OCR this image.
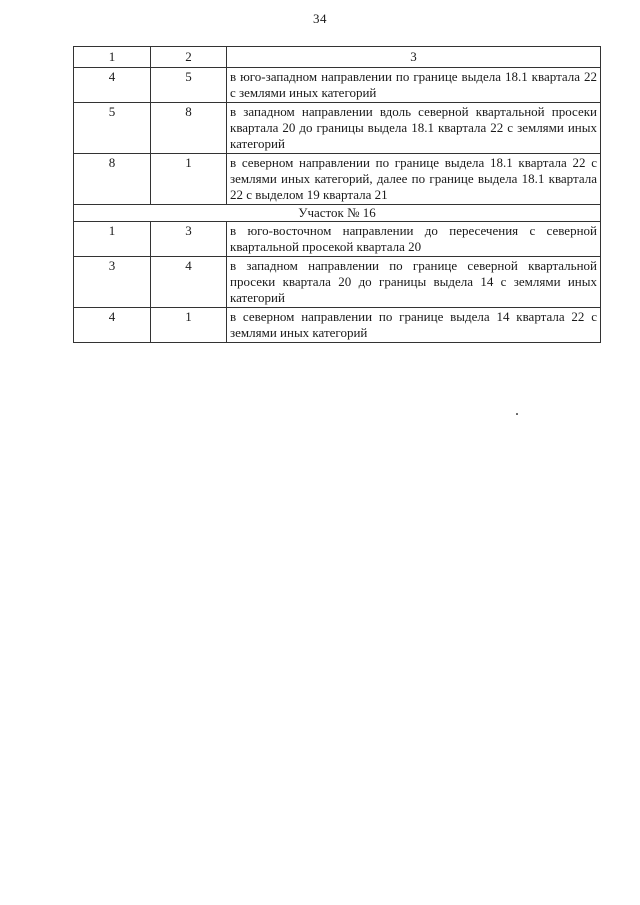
34
1	2	3
4	5	в юго-западном направлении по границе выдела 18.1 квартала 22 с землями иных категорий
5	8	в западном направлении вдоль северной квартальной просеки квартала 20 до границы выдела 18.1 квартала 22 с землями иных категорий
8	1	в северном направлении по границе выдела 18.1 квартала 22 с землями иных категорий, далее по границе выдела 18.1 квартала 22 с выделом 19 квартала 21
Участок № 16		
1	3	в юго-восточном направлении до пересечения с северной квартальной просекой квартала 20
3	4	в западном направлении по границе северной квартальной просеки квартала 20 до границы выдела 14 с землями иных категорий
4	1	в северном направлении по границе выдела 14 квартала 22 с землями иных категорий
